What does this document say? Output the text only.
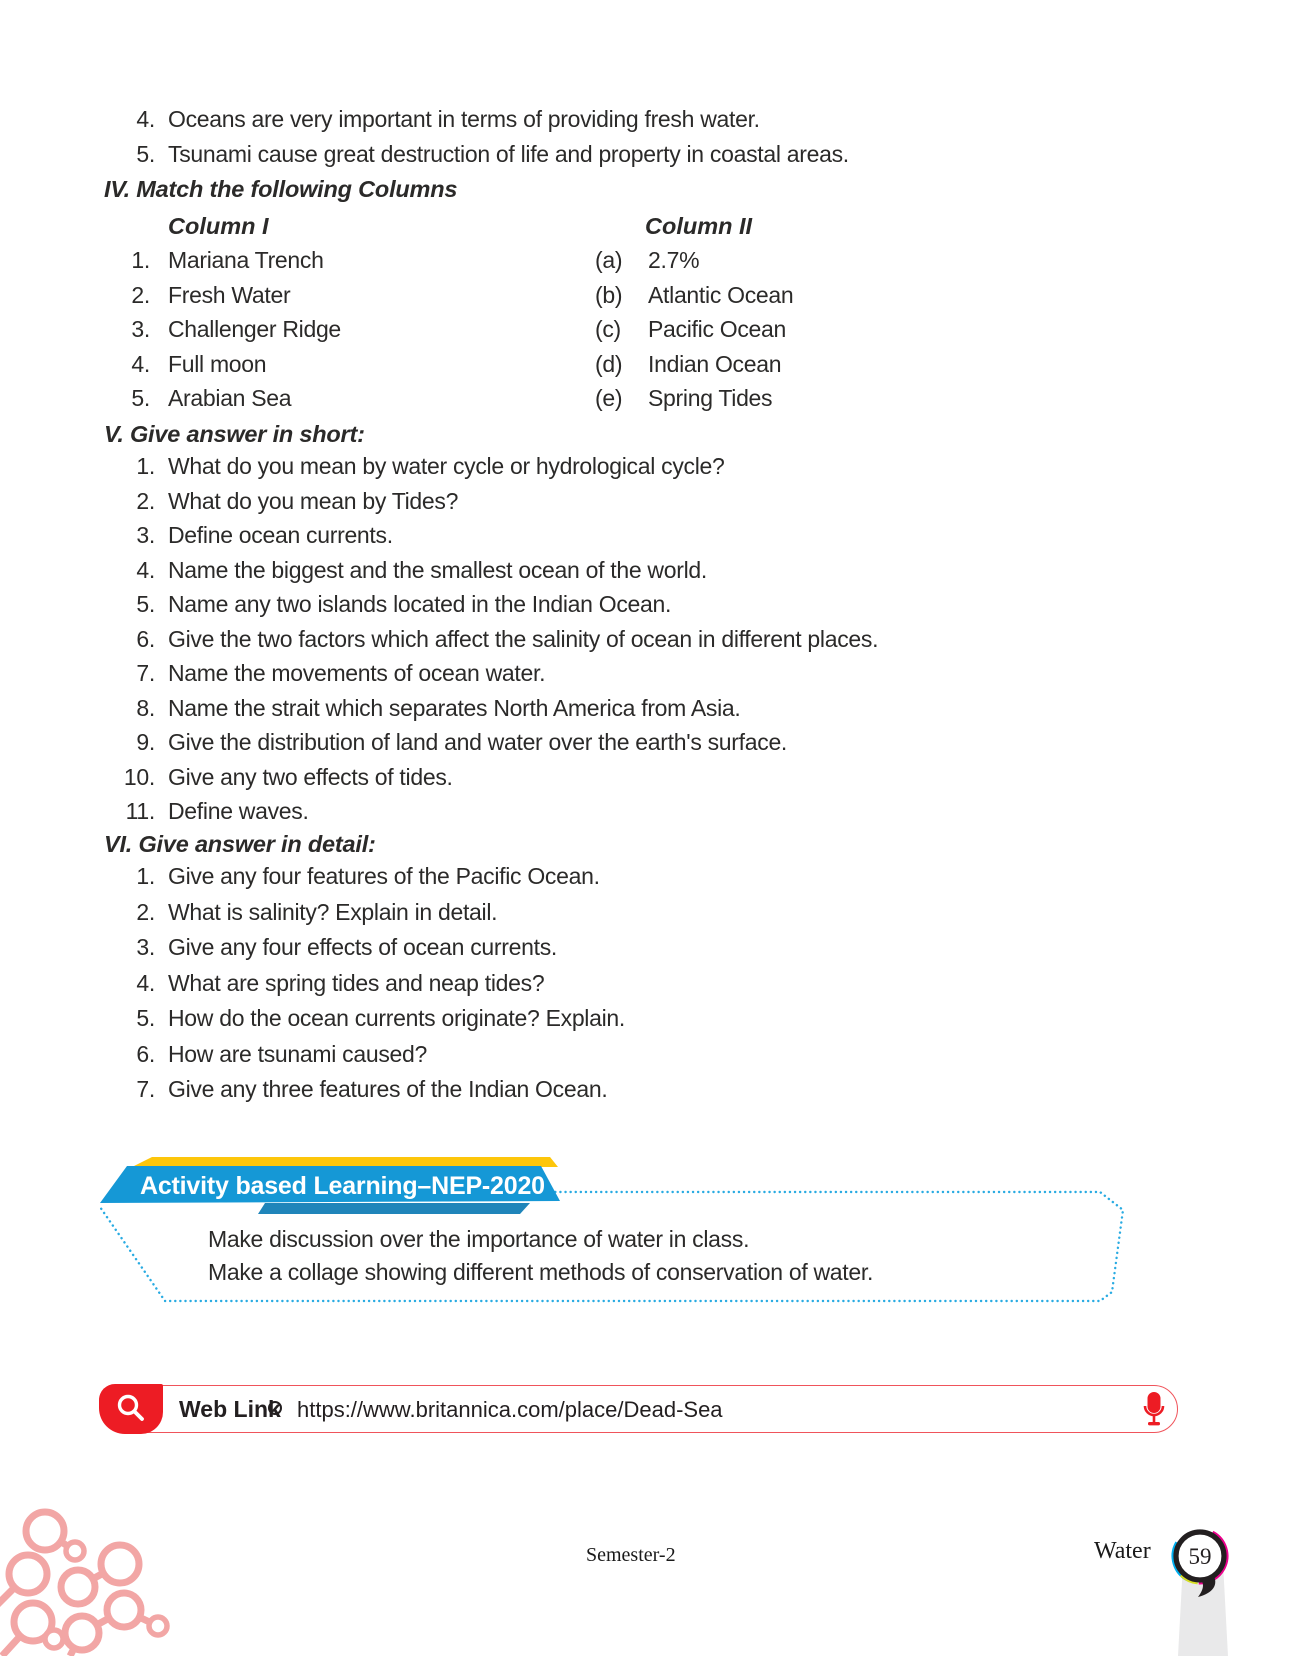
4. Oceans are very important in terms of providing fresh water.
5. Tsunami cause great destruction of life and property in coastal areas.
IV. Match the following Columns
Column I	Column II
1. Mariana Trench	(a) 2.7%
2. Fresh Water	(b) Atlantic Ocean
3. Challenger Ridge	(c) Pacific Ocean
4. Full moon	(d) Indian Ocean
5. Arabian Sea	(e) Spring Tides
V. Give answer in short:
1. What do you mean by water cycle or hydrological cycle?
2. What do you mean by Tides?
3. Define ocean currents.
4. Name the biggest and the smallest ocean of the world.
5. Name any two islands located in the Indian Ocean.
6. Give the two factors which affect the salinity of ocean in different places.
7. Name the movements of ocean water.
8. Name the strait which separates North America from Asia.
9. Give the distribution of land and water over the earth's surface.
10. Give any two effects of tides.
11. Define waves.
VI. Give answer in detail:
1. Give any four features of the Pacific Ocean.
2. What is salinity? Explain in detail.
3. Give any four effects of ocean currents.
4. What are spring tides and neap tides?
5. How do the ocean currents originate? Explain.
6. How are tsunami caused?
7. Give any three features of the Indian Ocean.
Activity based Learning–NEP-2020
Make discussion over the importance of water in class.
Make a collage showing different methods of conservation of water.
Web Link https://www.britannica.com/place/Dead-Sea
Semester-2	Water 59
